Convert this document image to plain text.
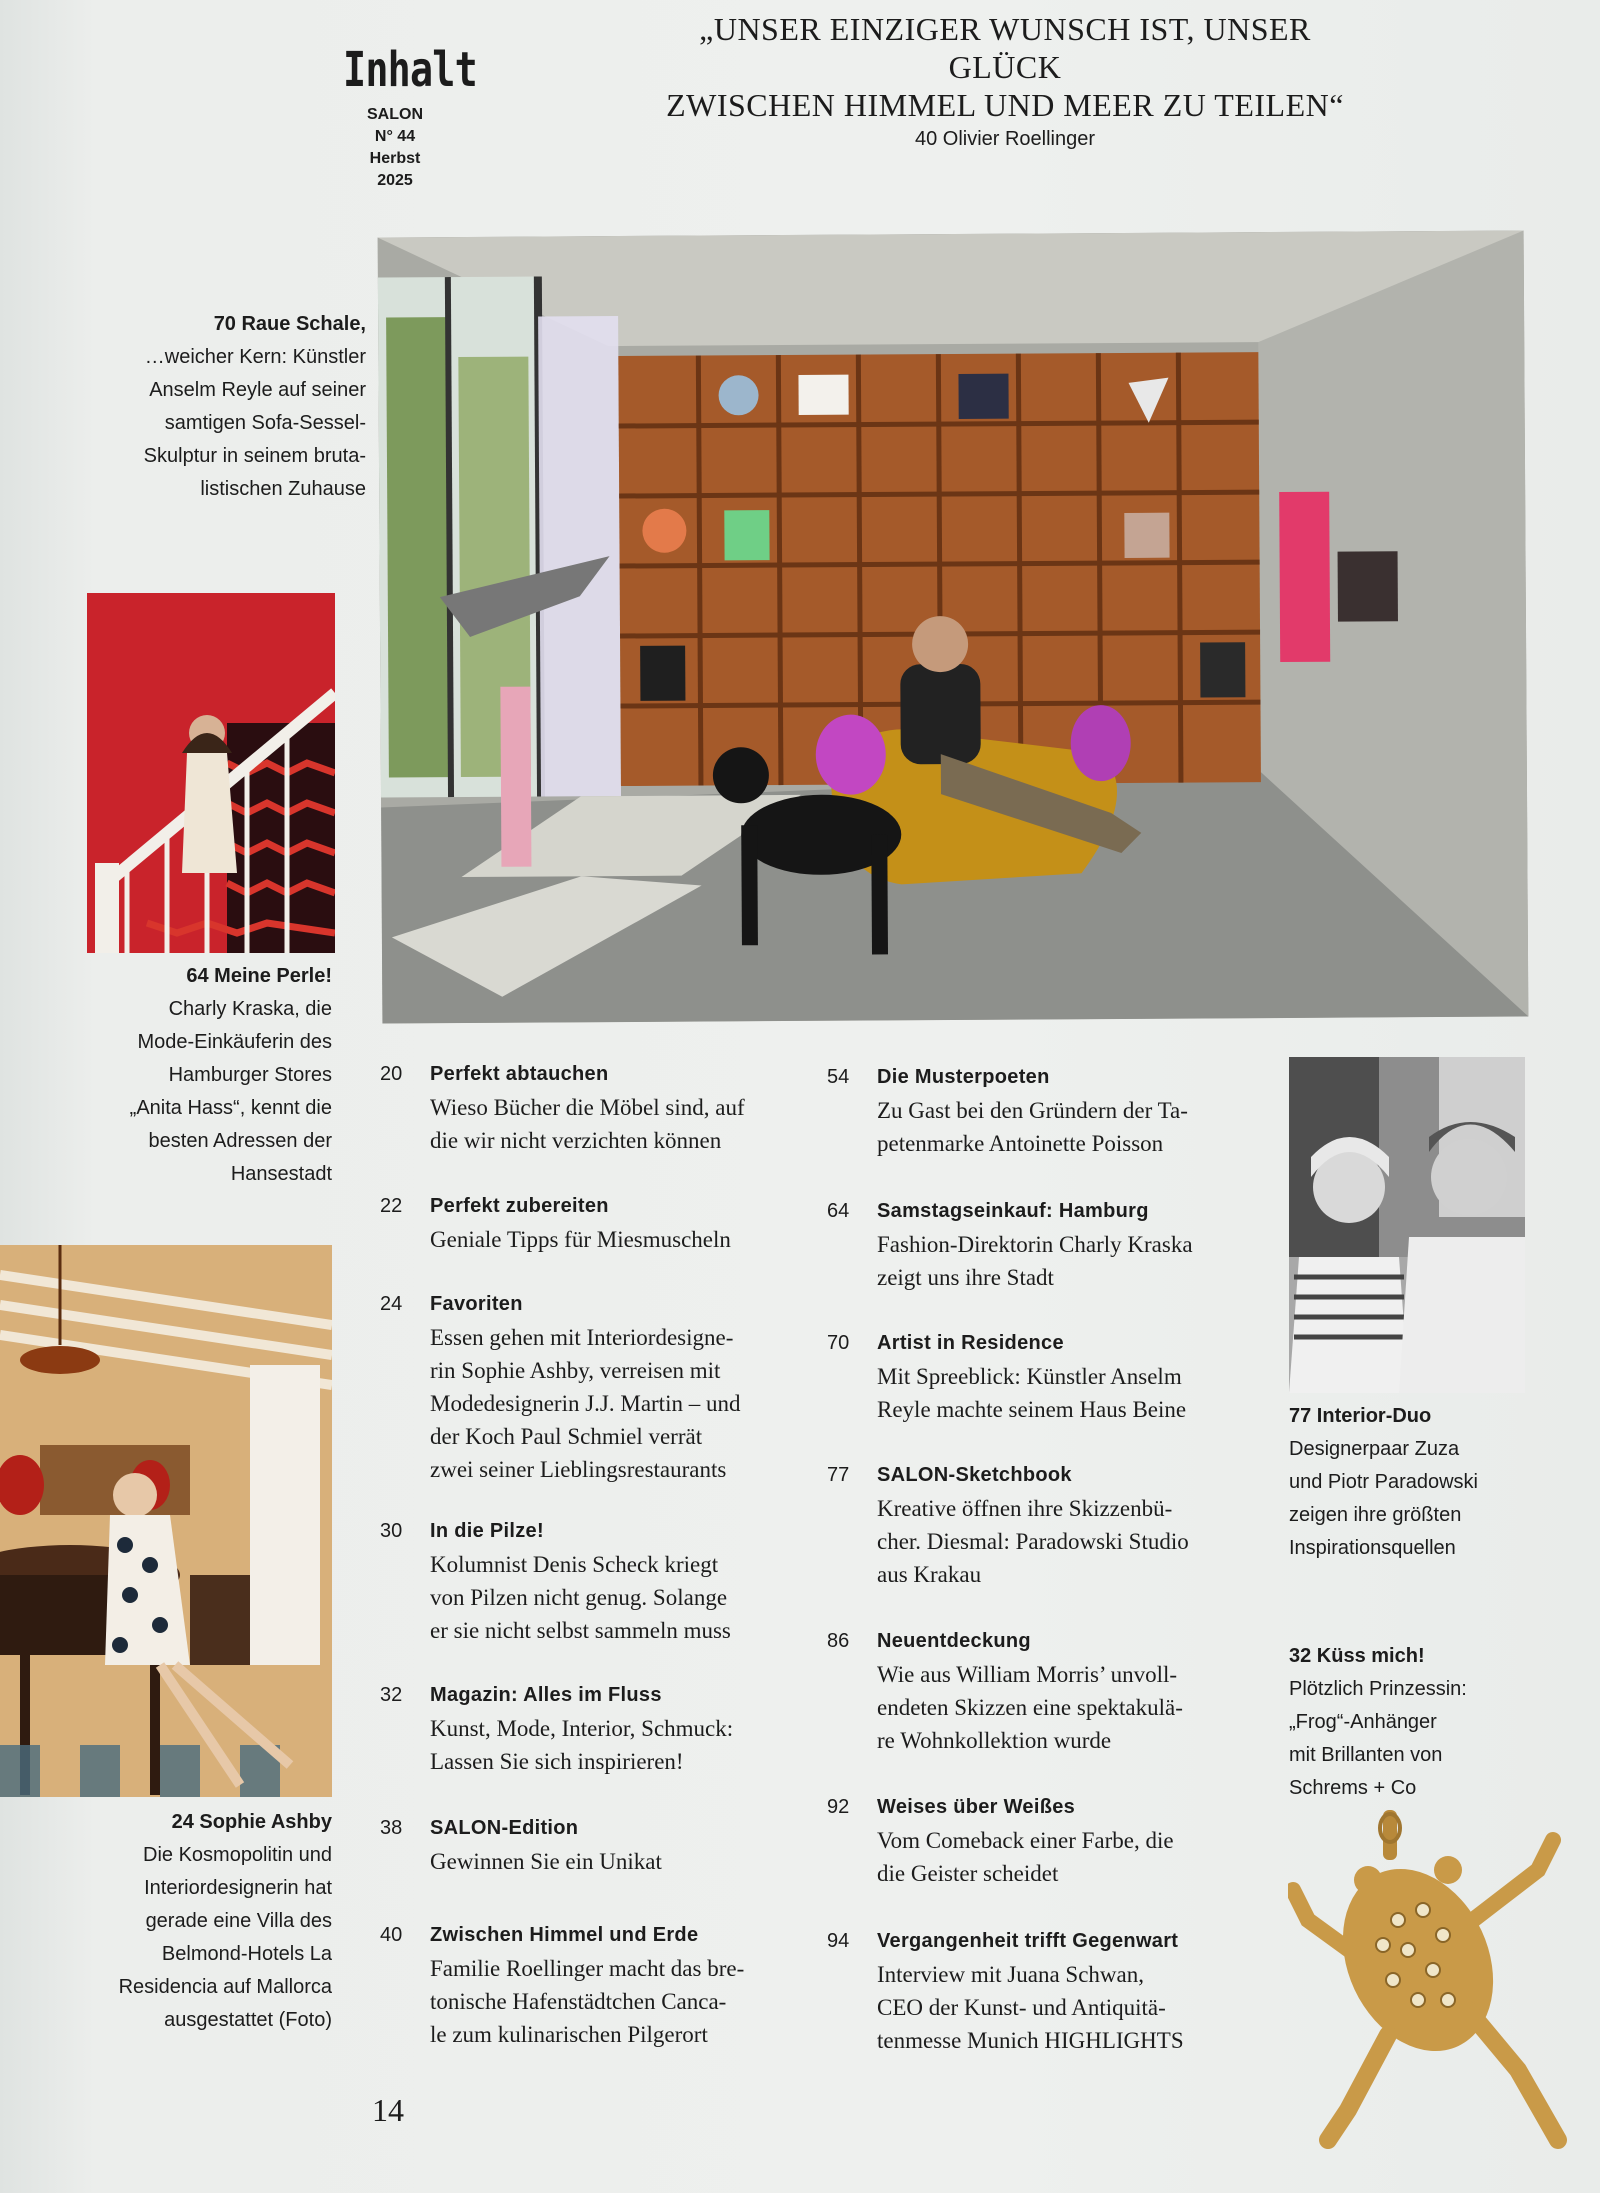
Inhalt
SALON
N° 44
Herbst
2025
„UNSER EINZIGER WUNSCH IST, UNSER GLÜCK
ZWISCHEN HIMMEL UND MEER ZU TEILEN“
40 Olivier Roellinger
70 Raue Schale,
…weicher Kern: Künstler
Anselm Reyle auf seiner
samtigen Sofa-Sessel-
Skulptur in seinem bruta-
listischen Zuhause
64 Meine Perle!
Charly Kraska, die
Mode-Einkäuferin des
Hamburger Stores
„Anita Hass“, kennt die
besten Adressen der
Hansestadt
24 Sophie Ashby
Die Kosmopolitin und
Interiordesignerin hat
gerade eine Villa des
Belmond-Hotels La
Residencia auf Mallorca
ausgestattet (Foto)
77 Interior-Duo
Designerpaar Zuza
und Piotr Paradowski
zeigen ihre größten
Inspirationsquellen
32 Küss mich!
Plötzlich Prinzessin:
„Frog“-Anhänger
mit Brillanten von
Schrems + Co
20	Perfekt abtauchen
Wieso Bücher die Möbel sind, auf
die wir nicht verzichten können
22	Perfekt zubereiten
Geniale Tipps für Miesmuscheln
24	Favoriten
Essen gehen mit Interiordesigne-
rin Sophie Ashby, verreisen mit
Modedesignerin J.J. Martin – und
der Koch Paul Schmiel verrät
zwei seiner Lieblingsrestaurants
30	In die Pilze!
Kolumnist Denis Scheck kriegt
von Pilzen nicht genug. Solange
er sie nicht selbst sammeln muss
32	Magazin: Alles im Fluss
Kunst, Mode, Interior, Schmuck:
Lassen Sie sich inspirieren!
38	SALON-Edition
Gewinnen Sie ein Unikat
40	Zwischen Himmel und Erde
Familie Roellinger macht das bre-
tonische Hafenstädtchen Canca-
le zum kulinarischen Pilgerort
54	Die Musterpoeten
Zu Gast bei den Gründern der Ta-
petenmarke Antoinette Poisson
64	Samstagseinkauf: Hamburg
Fashion-Direktorin Charly Kraska
zeigt uns ihre Stadt
70	Artist in Residence
Mit Spreeblick: Künstler Anselm
Reyle machte seinem Haus Beine
77	SALON-Sketchbook
Kreative öffnen ihre Skizzenbü-
cher. Diesmal: Paradowski Studio
aus Krakau
86	Neuentdeckung
Wie aus William Morris’ unvoll-
endeten Skizzen eine spektakulä-
re Wohnkollektion wurde
92	Weises über Weißes
Vom Comeback einer Farbe, die
die Geister scheidet
94	Vergangenheit trifft Gegenwart
Interview mit Juana Schwan,
CEO der Kunst- und Antiquitä-
tenmesse Munich HIGHLIGHTS
14
